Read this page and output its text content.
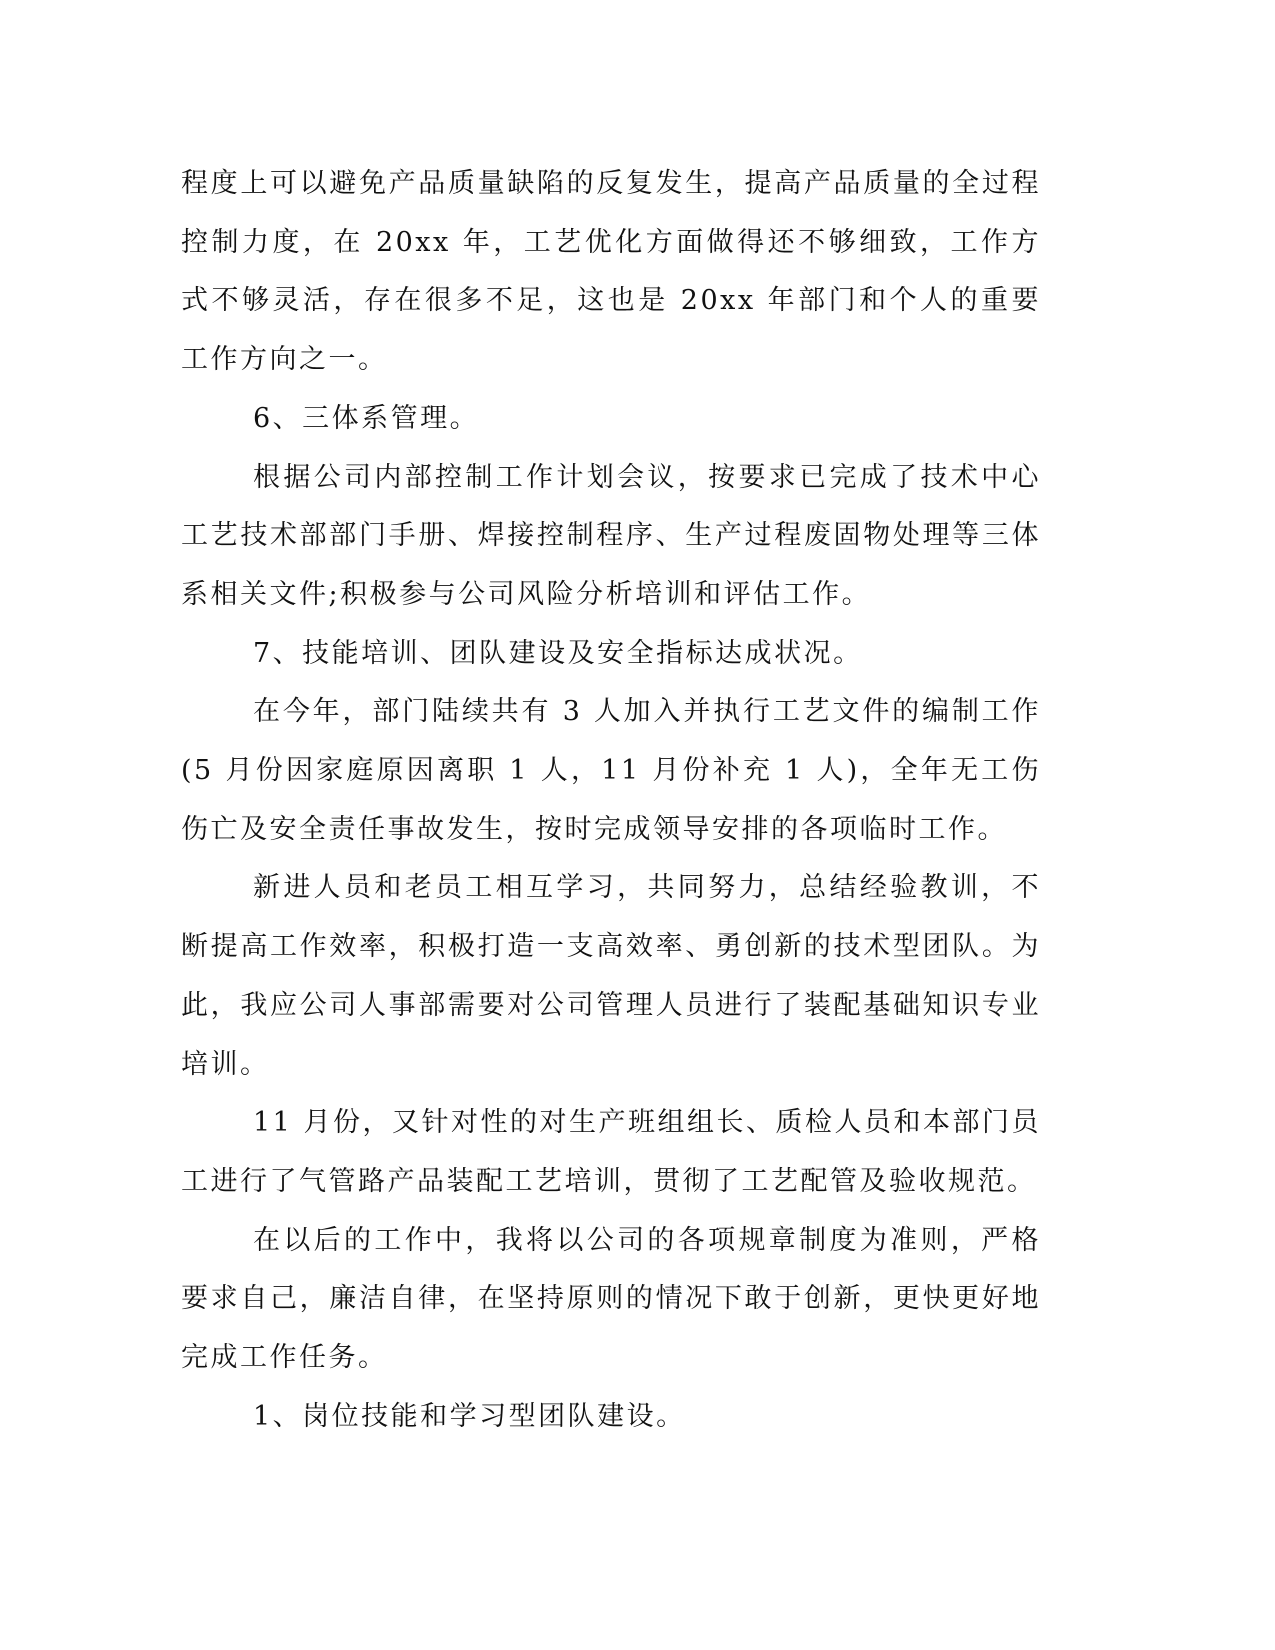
程度上可以避免产品质量缺陷的反复发生，提高产品质量的全过程控制力度，在 20xx 年，工艺优化方面做得还不够细致，工作方式不够灵活，存在很多不足，这也是 20xx 年部门和个人的重要工作方向之一。

6、三体系管理。

根据公司内部控制工作计划会议，按要求已完成了技术中心工艺技术部部门手册、焊接控制程序、生产过程废固物处理等三体系相关文件;积极参与公司风险分析培训和评估工作。

7、技能培训、团队建设及安全指标达成状况。

在今年，部门陆续共有 3 人加入并执行工艺文件的编制工作(5 月份因家庭原因离职 1 人，11 月份补充 1 人)，全年无工伤伤亡及安全责任事故发生，按时完成领导安排的各项临时工作。

新进人员和老员工相互学习，共同努力，总结经验教训，不断提高工作效率，积极打造一支高效率、勇创新的技术型团队。为此，我应公司人事部需要对公司管理人员进行了装配基础知识专业培训。

11 月份，又针对性的对生产班组组长、质检人员和本部门员工进行了气管路产品装配工艺培训，贯彻了工艺配管及验收规范。

在以后的工作中，我将以公司的各项规章制度为准则，严格要求自己，廉洁自律，在坚持原则的情况下敢于创新，更快更好地完成工作任务。

1、岗位技能和学习型团队建设。
